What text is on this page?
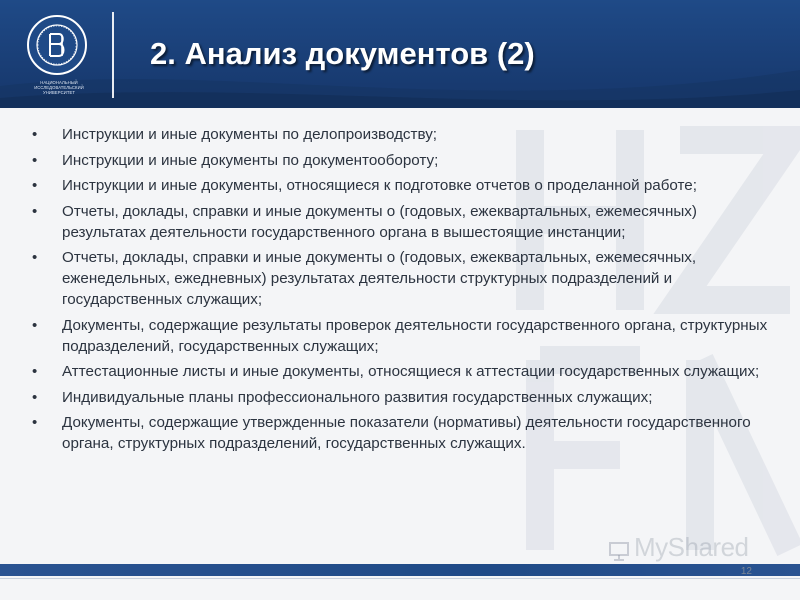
НАЦИОНАЛЬНЫЙ ИССЛЕДОВАТЕЛЬСКИЙ УНИВЕРСИТЕТ
2. Анализ документов (2)
• Инструкции и иные документы по делопроизводству;
• Инструкции и иные документы по документообороту;
• Инструкции и иные документы, относящиеся к подготовке отчетов о проделанной работе;
• Отчеты, доклады, справки и иные документы о (годовых, ежеквартальных, ежемесячных) результатах деятельности государственного органа в вышестоящие инстанции;
• Отчеты, доклады, справки и иные документы о (годовых, ежеквартальных, ежемесячных, еженедельных, ежедневных) результатах деятельности структурных подразделений и государственных служащих;
• Документы, содержащие результаты проверок деятельности государственного органа, структурных подразделений, государственных служащих;
• Аттестационные листы и иные документы, относящиеся к аттестации государственных служащих;
• Индивидуальные планы профессионального развития государственных служащих;
• Документы, содержащие утвержденные показатели (нормативы) деятельности государственного органа, структурных подразделений, государственных служащих.
MyShared
12
